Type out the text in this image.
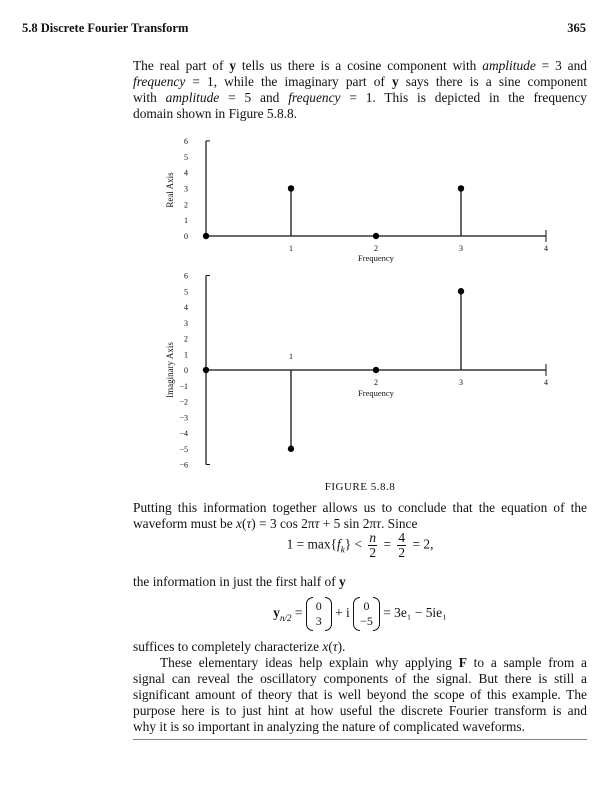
5.8 Discrete Fourier Transform	365
The real part of y tells us there is a cosine component with amplitude = 3 and
frequency = 1, while the imaginary part of y says there is a sine component
with amplitude = 5 and frequency = 1. This is depicted in the frequency
domain shown in Figure 5.8.8.
0
1
2
3
4
5
6
1	2	3	4
Frequency
Real Axis
−6
−5
−4
−3
−2
−1
0
1
2
3
4
5
6
1
2	3	4
Frequency
Imaginary Axis
FIGURE 5.8.8
Putting this information together allows us to conclude that the equation of the
waveform must be x(τ) = 3 cos 2πτ + 5 sin 2πτ. Since
$1 = \max\{f_k\} < \frac{n}{2} = \frac{4}{2} = 2$,
the information in just the first half of y
$y_{n/2} = 0$
3
+ i 0
−5
= 3e₁ − 5ie₁
suffices to completely characterize x(τ).
These elementary ideas help explain why applying F to a sample from a
signal can reveal the oscillatory components of the signal. But there is still a
significant amount of theory that is well beyond the scope of this example. The
purpose here is to just hint at how useful the discrete Fourier transform is and
why it is so important in analyzing the nature of complicated waveforms.
